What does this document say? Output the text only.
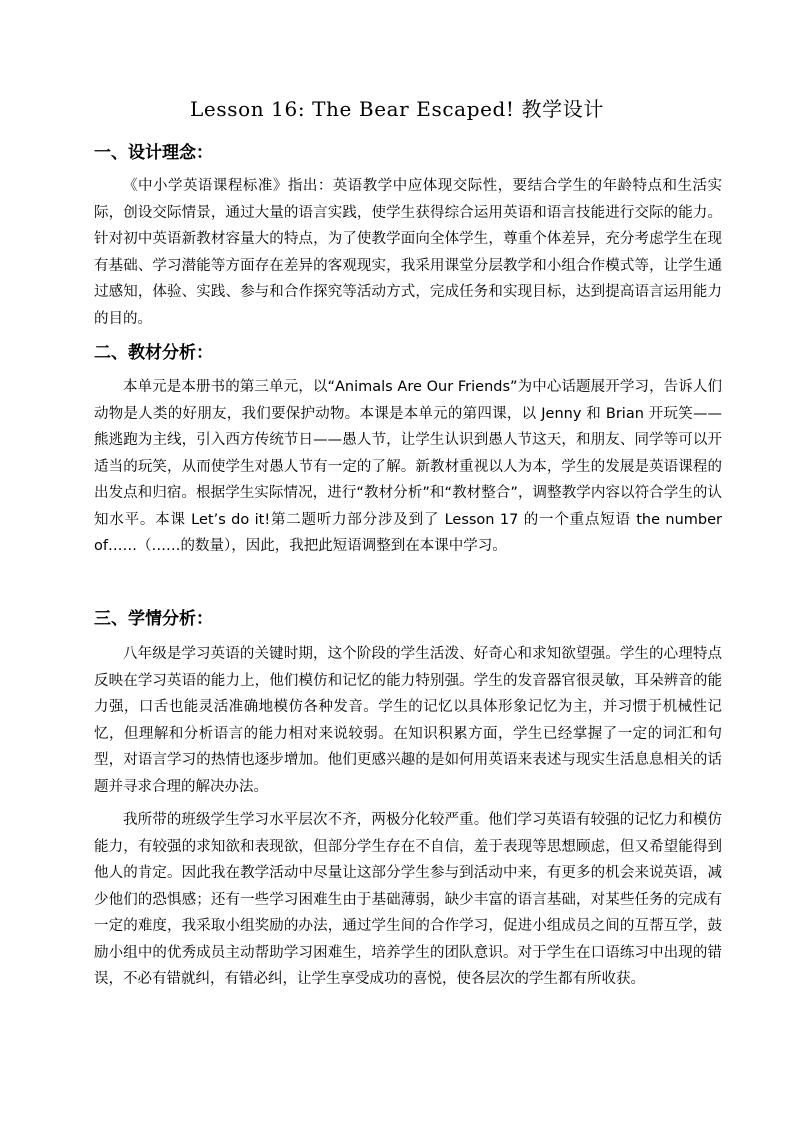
Lesson 16: The Bear Escaped! 教学设计
一、设计理念：

《中小学英语课程标准》指出：英语教学中应体现交际性，要结合学生的年龄特点和生活实际，创设交际情景，通过大量的语言实践，使学生获得综合运用英语和语言技能进行交际的能力。针对初中英语新教材容量大的特点，为了使教学面向全体学生，尊重个体差异，充分考虑学生在现有基础、学习潜能等方面存在差异的客观现实，我采用课堂分层教学和小组合作模式等，让学生通过感知，体验、实践、参与和合作探究等活动方式，完成任务和实现目标，达到提高语言运用能力的目的。

二、教材分析：

本单元是本册书的第三单元，以“Animals Are Our Friends”为中心话题展开学习，告诉人们动物是人类的好朋友，我们要保护动物。本课是本单元的第四课，以 Jenny 和 Brian 开玩笑——熊逃跑为主线，引入西方传统节日——愚人节，让学生认识到愚人节这天，和朋友、同学等可以开适当的玩笑，从而使学生对愚人节有一定的了解。新教材重视以人为本，学生的发展是英语课程的出发点和归宿。根据学生实际情况，进行“教材分析”和“教材整合”，调整教学内容以符合学生的认知水平。本课 Let’s do it!第二题听力部分涉及到了 Lesson 17 的一个重点短语 the number of……（……的数量），因此，我把此短语调整到在本课中学习。

三、学情分析：

八年级是学习英语的关键时期，这个阶段的学生活泼、好奇心和求知欲望强。学生的心理特点反映在学习英语的能力上，他们模仿和记忆的能力特别强。学生的发音器官很灵敏，耳朵辨音的能力强，口舌也能灵活准确地模仿各种发音。学生的记忆以具体形象记忆为主，并习惯于机械性记忆，但理解和分析语言的能力相对来说较弱。在知识积累方面，学生已经掌握了一定的词汇和句型，对语言学习的热情也逐步增加。他们更感兴趣的是如何用英语来表述与现实生活息息相关的话题并寻求合理的解决办法。

我所带的班级学生学习水平层次不齐，两极分化较严重。他们学习英语有较强的记忆力和模仿能力，有较强的求知欲和表现欲，但部分学生存在不自信，羞于表现等思想顾虑，但又希望能得到他人的肯定。因此我在教学活动中尽量让这部分学生参与到活动中来，有更多的机会来说英语，减少他们的恐惧感；还有一些学习困难生由于基础薄弱，缺少丰富的语言基础，对某些任务的完成有一定的难度，我采取小组奖励的办法，通过学生间的合作学习，促进小组成员之间的互帮互学，鼓励小组中的优秀成员主动帮助学习困难生，培养学生的团队意识。对于学生在口语练习中出现的错误，不必有错就纠，有错必纠，让学生享受成功的喜悦，使各层次的学生都有所收获。
